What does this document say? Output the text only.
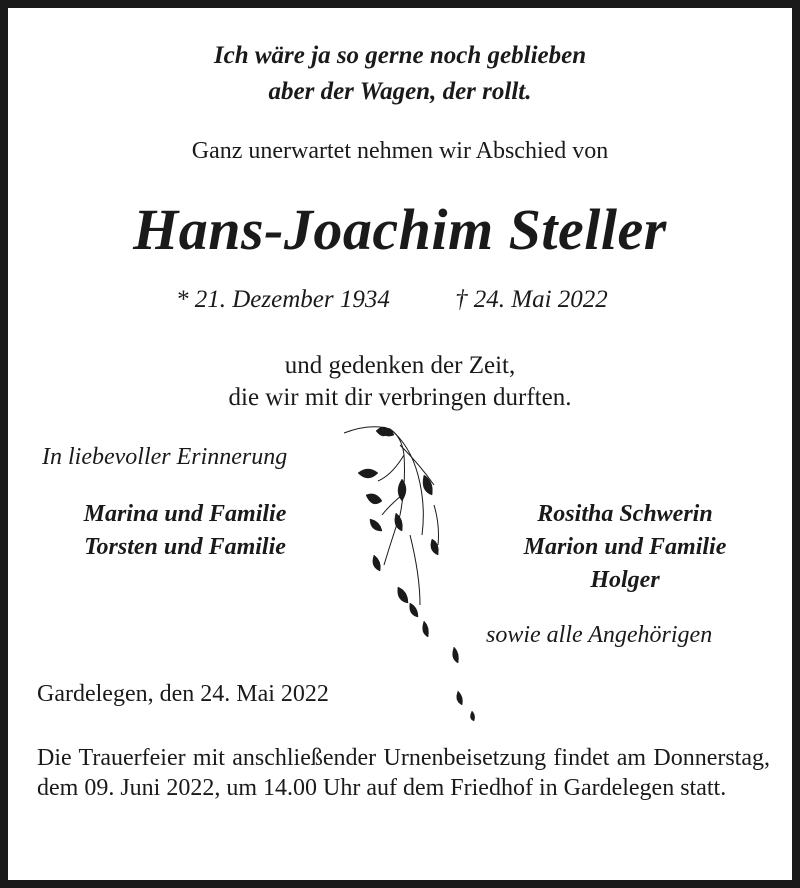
Ich wäre ja so gerne noch geblieben
aber der Wagen, der rollt.
Ganz unerwartet nehmen wir Abschied von
Hans-Joachim Steller
* 21. Dezember 1934	† 24. Mai 2022
und gedenken der Zeit,
die wir mit dir verbringen durften.
In liebevoller Erinnerung
Marina und Familie
Torsten und Familie
Rositha Schwerin
Marion und Familie
Holger
sowie alle Angehörigen
Gardelegen, den 24. Mai 2022
Die Trauerfeier mit anschließender Urnenbeisetzung findet am Donnerstag, dem 09. Juni 2022, um 14.00 Uhr auf dem Friedhof in Gardelegen statt.
